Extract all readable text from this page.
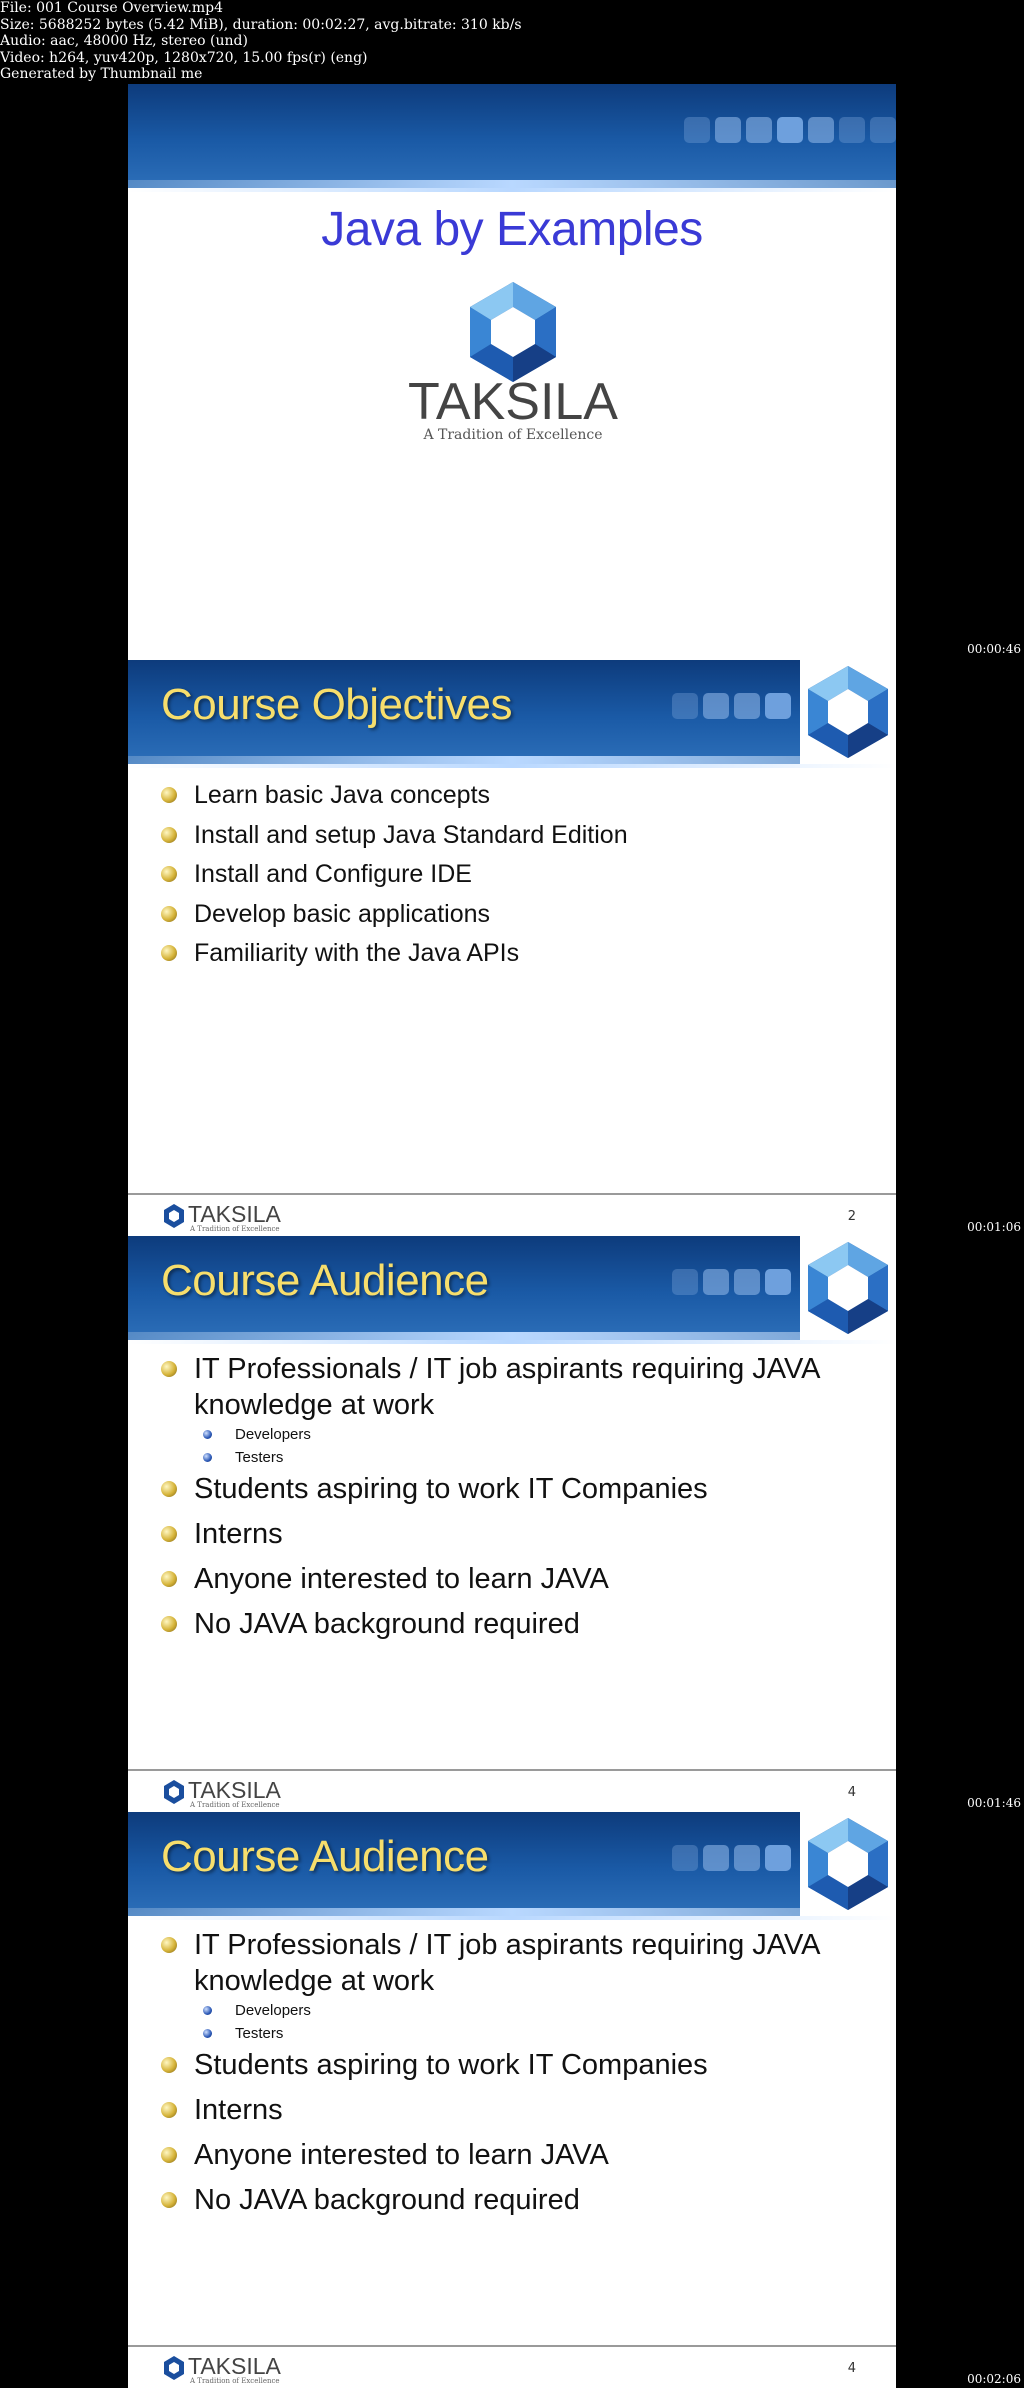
File: 001 Course Overview.mp4
Size: 5688252 bytes (5.42 MiB), duration: 00:02:27, avg.bitrate: 310 kb/s
Audio: aac, 48000 Hz, stereo (und)
Video: h264, yuv420p, 1280x720, 15.00 fps(r) (eng)
Generated by Thumbnail me
Java by Examples
TAKSILA
A Tradition of Excellence
00:00:46
Course Objectives
Learn basic Java concepts
Install and setup Java Standard Edition
Install and Configure IDE
Develop basic applications
Familiarity with the Java APIs
TAKSILA
A Tradition of Excellence
2
00:01:06
Course Audience
IT Professionals / IT job aspirants requiring JAVA knowledge at work
Developers
Testers
Students aspiring to work IT Companies
Interns
Anyone interested to learn JAVA
No JAVA background required
TAKSILA
A Tradition of Excellence
4
00:01:46
Course Audience
IT Professionals / IT job aspirants requiring JAVA knowledge at work
Developers
Testers
Students aspiring to work IT Companies
Interns
Anyone interested to learn JAVA
No JAVA background required
TAKSILA
A Tradition of Excellence
4
00:02:06
